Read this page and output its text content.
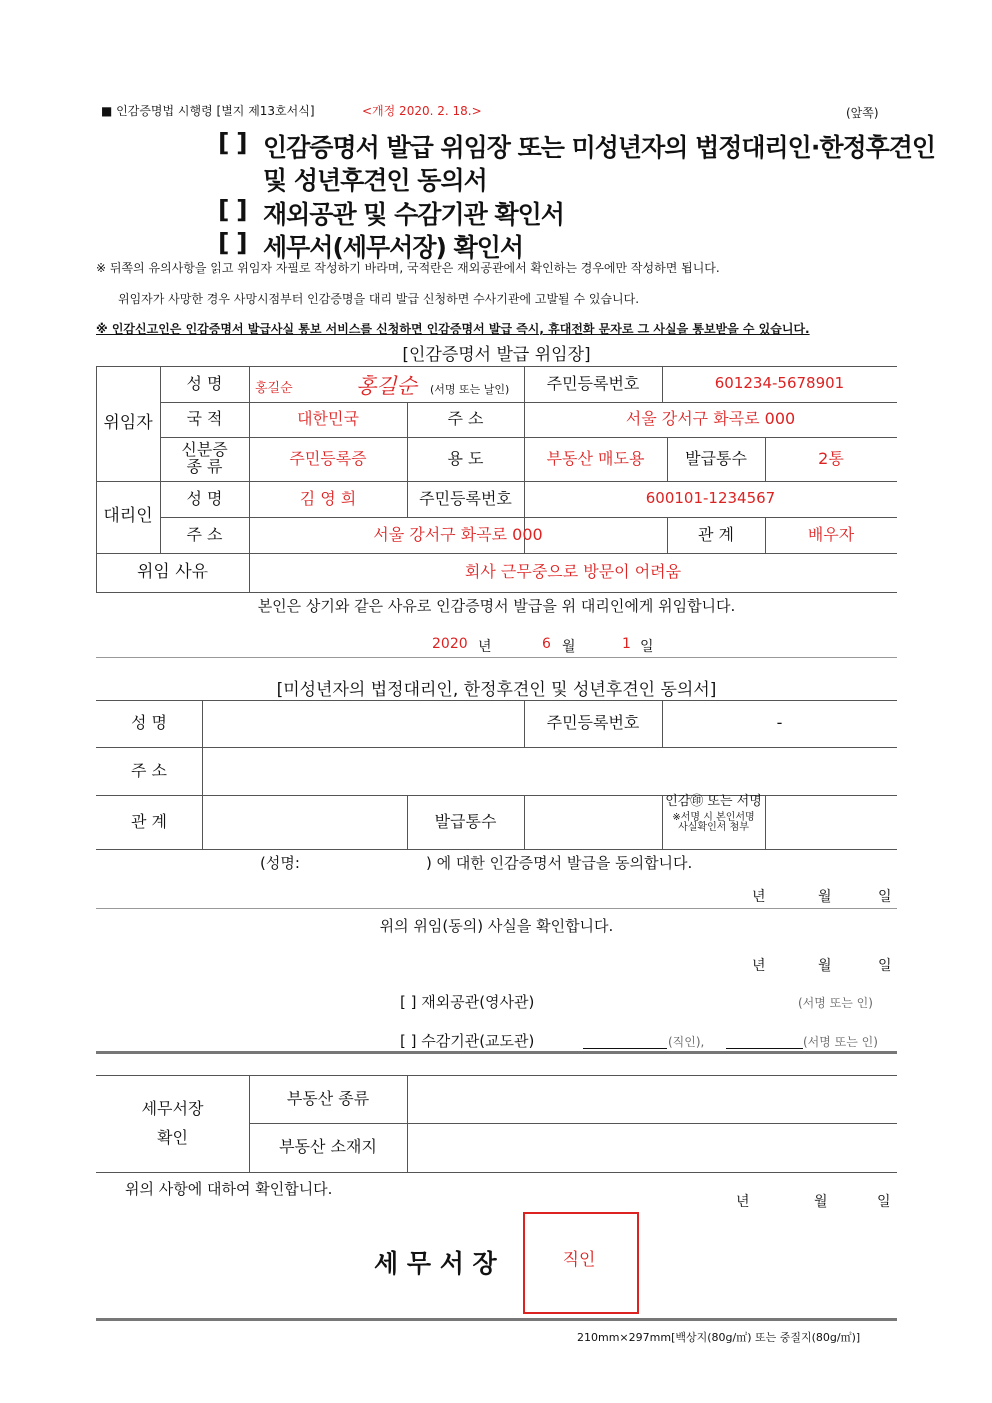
■ 인감증명법 시행령 [별지 제13호서식]	<개정 2020. 2. 18.>	(앞쪽)
[ ] 인감증명서 발급 위임장 또는 미성년자의 법정대리인·한정후견인
및 성년후견인 동의서
[ ] 재외공관 및 수감기관 확인서
[ ] 세무서(세무서장) 확인서
※ 뒤쪽의 유의사항을 읽고 위임자 자필로 작성하기 바라며, 국적란은 재외공관에서 확인하는 경우에만 작성하면 됩니다.
위임자가 사망한 경우 사망시점부터 인감증명을 대리 발급 신청하면 수사기관에 고발될 수 있습니다.
※ 인감신고인은 인감증명서 발급사실 통보 서비스를 신청하면 인감증명서 발급 즉시, 휴대전화 문자로 그 사실을 통보받을 수 있습니다.
[인감증명서 발급 위임장]
위임자
성 명	홍길순	홍길순 (서명 또는 날인)	주민등록번호	601234-5678901
국 적	대한민국	주 소	서울 강서구 화곡로 000
신분증
종 류	주민등록증	용 도	부동산 매도용	발급통수	2통
대리인
성 명	김 영 희	주민등록번호	600101-1234567
주 소	서울 강서구 화곡로 000	관 계	배우자
위임 사유	회사 근무중으로 방문이 어려움
본인은 상기와 같은 사유로 인감증명서 발급을 위 대리인에게 위임합니다.
2020 년	6 월	1 일
[미성년자의 법정대리인, 한정후견인 및 성년후견인 동의서]
성 명	주민등록번호	-
주 소
관 계	발급통수
인감㊞ 또는 서명
※서명 시 본인서명
사실확인서 첨부
(성명:	) 에 대한 인감증명서 발급을 동의합니다.
년	월	일
위의 위임(동의) 사실을 확인합니다.
년	월	일
[ ] 재외공관(영사관)	(서명 또는 인)
[ ] 수감기관(교도관)	(직인),	(서명 또는 인)
세무서장
확인
부동산 종류
부동산 소재지
위의 사항에 대하여 확인합니다.
년	월	일
세 무 서 장	직인
210mm×297mm[백상지(80g/㎡) 또는 중질지(80g/㎡)]
